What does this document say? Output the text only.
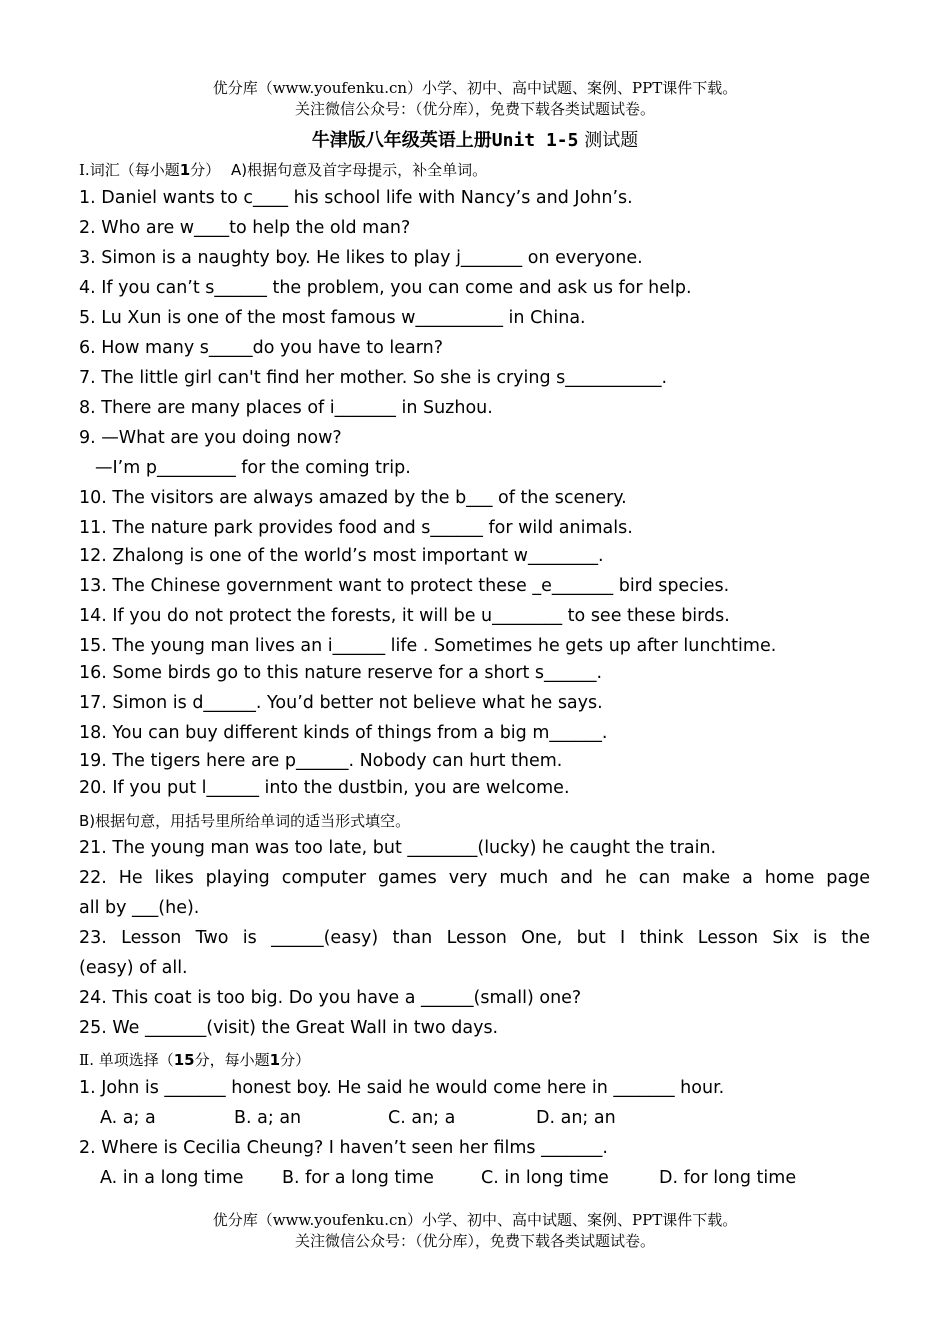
优分库（www.youfenku.cn）小学、初中、高中试题、案例、PPT课件下载。
关注微信公众号：（优分库），免费下载各类试题试卷。
牛津版八年级英语上册Unit 1-5 测试题
Ⅰ.词汇（每小题1分） A)根据句意及首字母提示，补全单词。
1. Daniel wants to c____ his school life with Nancy’s and John’s.
2. Who are w____to help the old man?
3. Simon is a naughty boy. He likes to play j_______ on everyone.
4. If you can’t s______ the problem, you can come and ask us for help.
5. Lu Xun is one of the most famous w__________ in China.
6. How many s_____do you have to learn?
7. The little girl can't find her mother. So she is crying s___________.
8. There are many places of i_______ in Suzhou.
9. —What are you doing now?
—I’m p_________ for the coming trip.
10. The visitors are always amazed by the b___ of the scenery.
11. The nature park provides food and s______ for wild animals.
12. Zhalong is one of the world’s most important w________.
13. The Chinese government want to protect these _e_______ bird species.
14. If you do not protect the forests, it will be u________ to see these birds.
15. The young man lives an i______ life . Sometimes he gets up after lunchtime.
16. Some birds go to this nature reserve for a short s______.
17. Simon is d______. You’d better not believe what he says.
18. You can buy different kinds of things from a big m______.
19. The tigers here are p______. Nobody can hurt them.
20. If you put l______ into the dustbin, you are welcome.
B)根据句意，用括号里所给单词的适当形式填空。
21. The young man was too late, but ________(lucky) he caught the train.
22. He likes playing computer games very much and he can make a home page
all by ___(he).
23. Lesson Two is ______(easy) than Lesson One, but I think Lesson Six is the
(easy) of all.
24. This coat is too big. Do you have a ______(small) one?
25. We _______(visit) the Great Wall in two days.
Ⅱ. 单项选择（15分，每小题1分）
1. John is _______ honest boy. He said he would come here in _______ hour.
A. a; a	B. a; an	C. an; a	D. an; an
2. Where is Cecilia Cheung? I haven’t seen her films _______.
A. in a long time B. for a long time	C. in long time	D. for long time
优分库（www.youfenku.cn）小学、初中、高中试题、案例、PPT课件下载。
关注微信公众号：（优分库），免费下载各类试题试卷。
